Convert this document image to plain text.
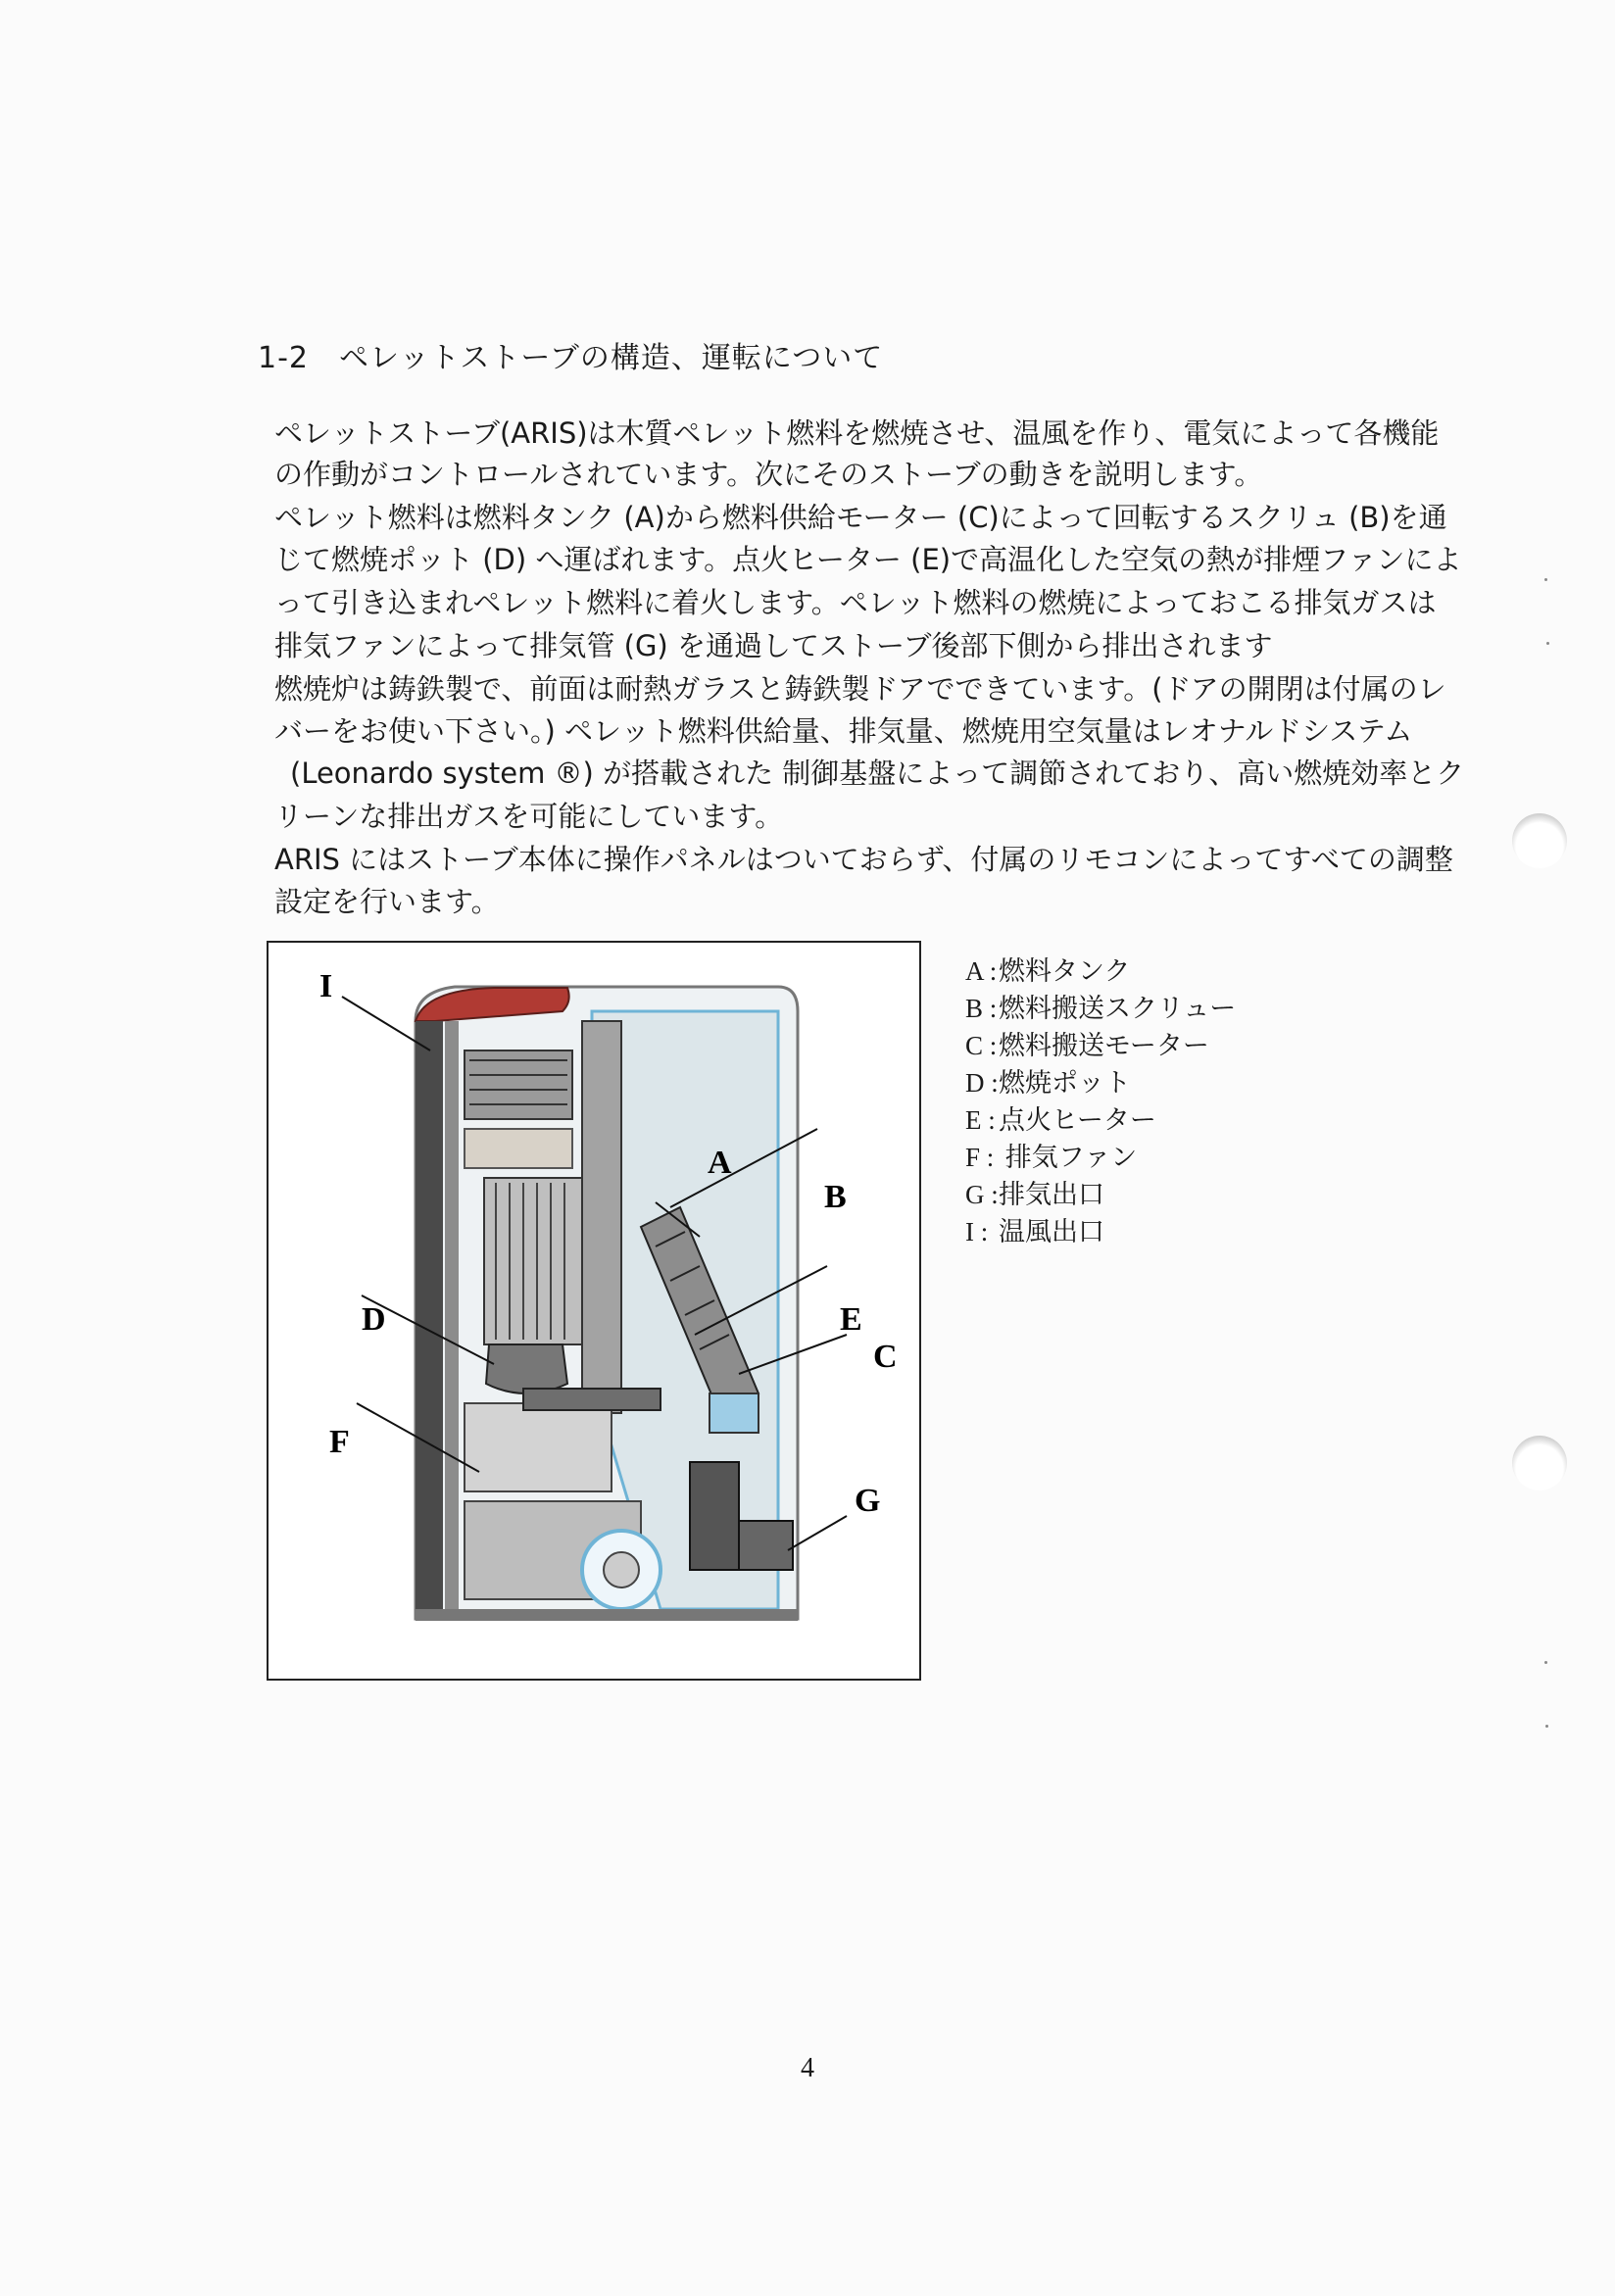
1-2　ペレットストーブの構造、運転について
ペレットストーブ(ARIS)は木質ペレット燃料を燃焼させ、温風を作り、電気によって各機能
の作動がコントロールされています。次にそのストーブの動きを説明します。
ペレット燃料は燃料タンク (A)から燃料供給モーター (C)によって回転するスクリュ (B)を通
じて燃焼ポット (D) へ運ばれます。点火ヒーター (E)で高温化した空気の熱が排煙ファンによ
って引き込まれペレット燃料に着火します。ペレット燃料の燃焼によっておこる排気ガスは
排気ファンによって排気管 (G) を通過してストーブ後部下側から排出されます
燃焼炉は鋳鉄製で、前面は耐熱ガラスと鋳鉄製ドアでできています。(ドアの開閉は付属のレ
バーをお使い下さい。) ペレット燃料供給量、排気量、燃焼用空気量はレオナルドシステム
(Leonardo system ®) が搭載された 制御基盤によって調節されており、高い燃焼効率とク
リーンな排出ガスを可能にしています。
ARIS にはストーブ本体に操作パネルはついておらず、付属のリモコンによってすべての調整
設定を行います。
I
A
B
D	E
C
F
G
A :燃料タンク
B :燃料搬送スクリュー
C :燃料搬送モーター
D :燃焼ポット
E : 点火ヒーター
F : 排気ファン
G :排気出口
I : 温風出口
4
